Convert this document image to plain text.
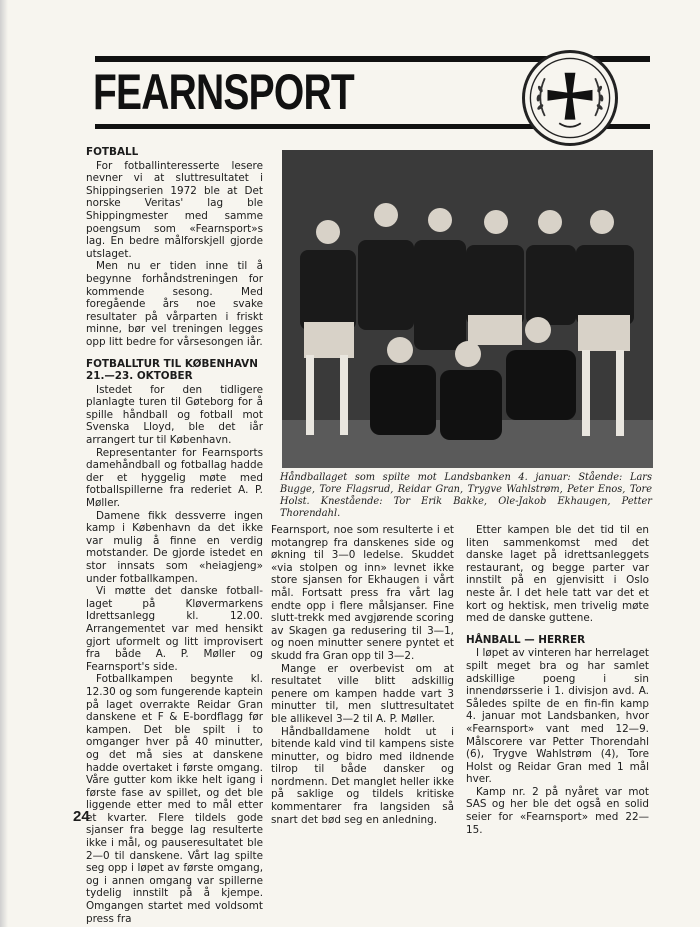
FEARNSPORT
FOTBALL

For fotballinteresserte lesere nevner vi at sluttresultatet i Shippingserien 1972 ble at Det norske Veritas' lag ble Shippingmester med samme poengsum som «Fearnsport»s lag. En bedre målforskjell gjorde utslaget.

Men nu er tiden inne til å begynne forhåndstreningen for kommende sesong. Med foregående års noe svake resultater på vårparten i friskt minne, bør vel treningen legges opp litt bedre for vårsesongen iår.

FOTBALLTUR TIL KØBENHAVN
21.—23. OKTOBER

Istedet for den tidligere planlagte turen til Gøteborg for å spille håndball og fotball mot Svenska Lloyd, ble det iår arrangert tur til København.

Representanter for Fearnsports damehåndball og fotballag hadde der et hyggelig møte med fotballspillerne fra rederiet A. P. Møller.

Damene fikk dessverre ingen kamp i København da det ikke var mulig å finne en verdig motstander. De gjorde istedet en stor innsats som «heiagjeng» under fotballkampen.

Vi møtte det danske fotball-laget på Kløvermarkens Idrettsanlegg kl. 12.00. Arrangementet var med hensikt gjort uformelt og litt improvisert fra både A. P. Møller og Fearnsport's side.

Fotballkampen begynte kl. 12.30 og som fungerende kaptein på laget overrakte Reidar Gran danskene et F & E-bordflagg før kampen. Det ble spilt i to omganger hver på 40 minutter, og det må sies at danskene hadde overtaket i første omgang. Våre gutter kom ikke helt igang i første fase av spillet, og det ble liggende etter med to mål etter et kvarter. Flere tildels gode sjanser fra begge lag resulterte ikke i mål, og pauseresultatet ble 2—0 til danskene. Vårt lag spilte seg opp i løpet av første omgang, og i annen omgang var spillerne tydelig innstilt på å kjempe. Omgangen startet med voldsomt press fra

Håndballaget som spilte mot Landsbanken 4. januar: Stående: Lars Bugge, Tore Flagsrud, Reidar Gran, Trygve Wahlstrøm, Peter Enos, Tore Holst. Knestående: Tor Erik Bakke, Ole-Jakob Ekhaugen, Petter Thorendahl.

Fearnsport, noe som resulterte i et motangrep fra danskenes side og økning til 3—0 ledelse. Skuddet «via stolpen og inn» levnet ikke store sjansen for Ekhaugen i vårt mål. Fortsatt press fra vårt lag endte opp i flere målsjanser. Fine slutt-trekk med avgjørende scoring av Skagen ga redusering til 3—1, og noen minutter senere pyntet et skudd fra Gran opp til 3—2.

Mange er overbevist om at resultatet ville blitt adskillig penere om kampen hadde vart 3 minutter til, men sluttresultatet ble allikevel 3—2 til A. P. Møller.

Håndballdamene holdt ut i bitende kald vind til kampens siste minutter, og bidro med ildnende tilrop til både dansker og nordmenn. Det manglet heller ikke på saklige og tildels kritiske kommentarer fra langsiden så snart det bød seg en anledning.

Etter kampen ble det tid til en liten sammenkomst med det danske laget på idrettsanleggets restaurant, og begge parter var innstilt på en gjenvisitt i Oslo neste år. I det hele tatt var det et kort og hektisk, men trivelig møte med de danske guttene.

HÅNBALL — HERRER

I løpet av vinteren har herrelaget spilt meget bra og har samlet adskillige poeng i sin innendørsserie i 1. divisjon avd. A. Således spilte de en fin-fin kamp 4. januar mot Landsbanken, hvor «Fearnsport» vant med 12—9. Målscorere var Petter Thorendahl (6), Trygve Wahlstrøm (4), Tore Holst og Reidar Gran med 1 mål hver.

Kamp nr. 2 på nyåret var mot SAS og her ble det også en solid seier for «Fearnsport» med 22—15.

24
